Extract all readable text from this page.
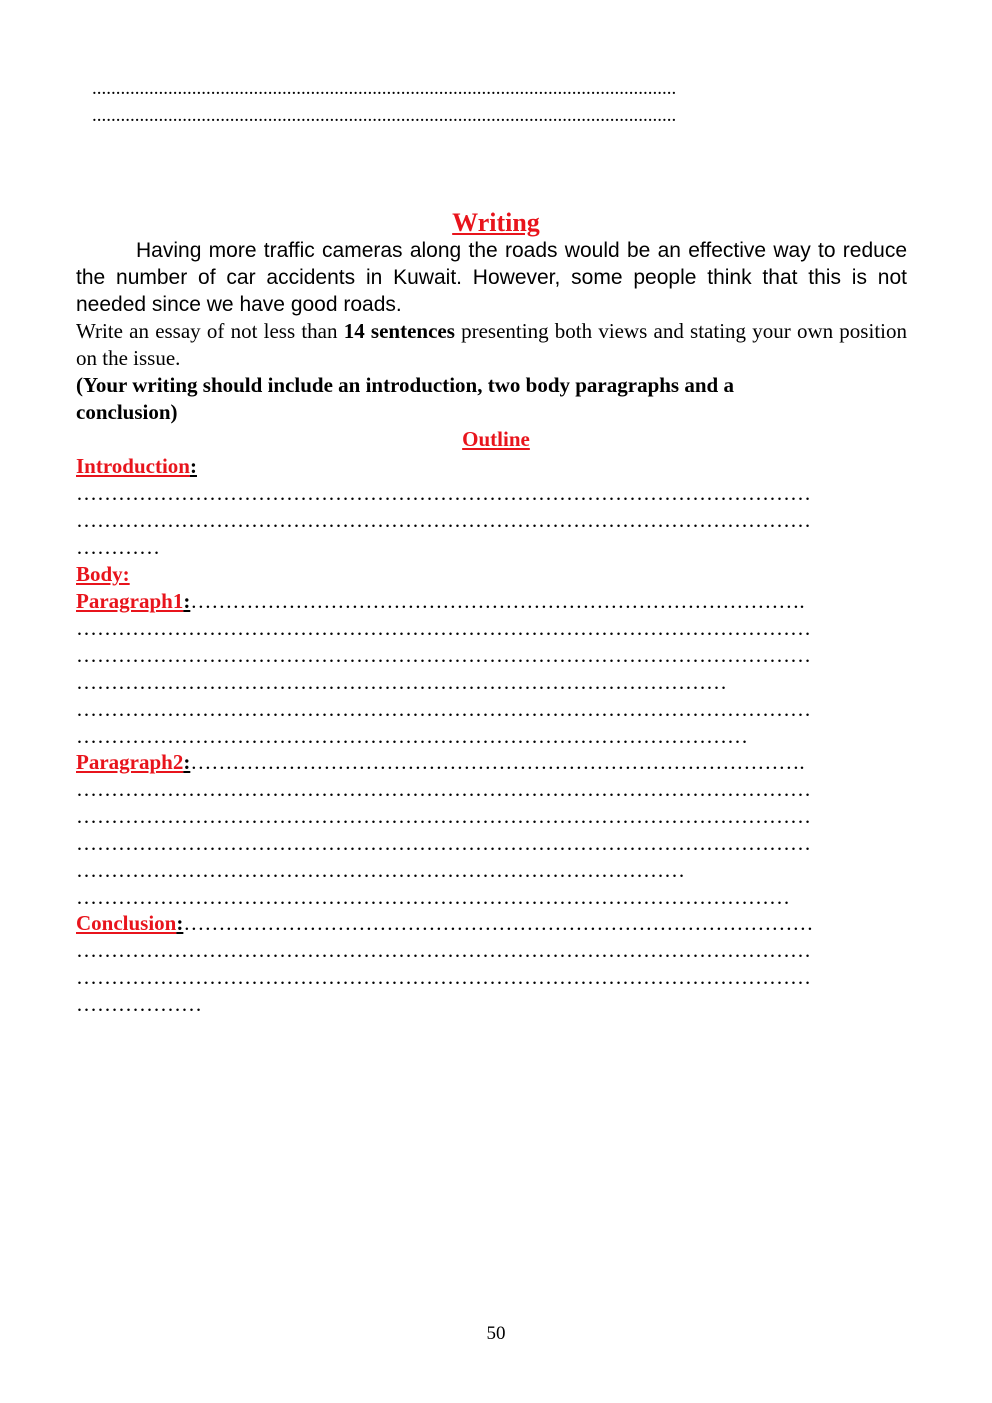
...........................................................................................................................
...........................................................................................................................
Writing
Having more traffic cameras along the roads would be an effective way to reduce the number of car accidents in Kuwait. However, some people think that this is not needed since we have good roads.
Write an essay of not less than 14 sentences presenting both views and stating your own position on the issue.
(Your writing should include an introduction, two body paragraphs and a conclusion)
Outline
Introduction:
……………………………………………………………………………………………
……………………………………………………………………………………………
…………
Body:
Paragraph1:…………………………………………………………………………….
……………………………………………………………………………………………
……………………………………………………………………………………………
…………………………………………………………………………………
……………………………………………………………………………………………
……………………………………………………………………………………
Paragraph2:…………………………………………………………………………….
……………………………………………………………………………………………
……………………………………………………………………………………………
……………………………………………………………………………………………
……………………………………………………………………………
…………………………………………………………………………………………
Conclusion:………………………………………………………………………………
……………………………………………………………………………………………
……………………………………………………………………………………………
………………
50
